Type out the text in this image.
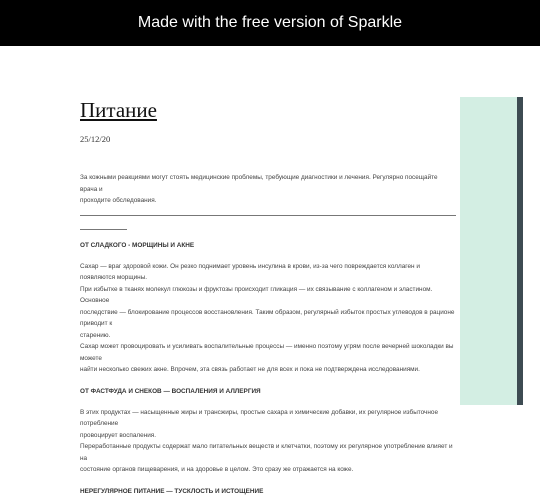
Made with the free version of Sparkle
Питание
25/12/20

За кожными реакциями могут стоять медицинские проблемы, требующие диагностики и лечения. Регулярно посещайте врача и

проходите обследования.

ОТ СЛАДКОГО - МОРЩИНЫ И АКНЕ

Сахар — враг здоровой кожи. Он резко поднимает уровень инсулина в крови, из-за чего повреждается коллаген и появляются морщины.

При избытке в тканях молекул глюкозы и фруктозы происходит гликация — их связывание с коллагеном и эластином. Основное

последствие — блокирование процессов восстановления. Таким образом, регулярный избыток простых углеводов в рационе приводит к

старению.

Сахар может провоцировать и усиливать воспалительные процессы — именно поэтому угрям после вечерней шоколадки вы можете

найти несколько свежих акне. Впрочем, эта связь работает не для всех и пока не подтверждена исследованиями.

ОТ ФАСТФУДА И СНЕКОВ — ВОСПАЛЕНИЯ И АЛЛЕРГИЯ

В этих продуктах — насыщенные жиры и трансжиры, простые сахара и химические добавки, их регулярное избыточное потребление

провоцирует воспаления.

Переработанные продукты содержат мало питательных веществ и клетчатки, поэтому их регулярное употребление влияет и на

состояние органов пищеварения, и на здоровье в целом. Это сразу же отражается на коже.

НЕРЕГУЛЯРНОЕ ПИТАНИЕ — ТУСКЛОСТЬ И ИСТОЩЕНИЕ
